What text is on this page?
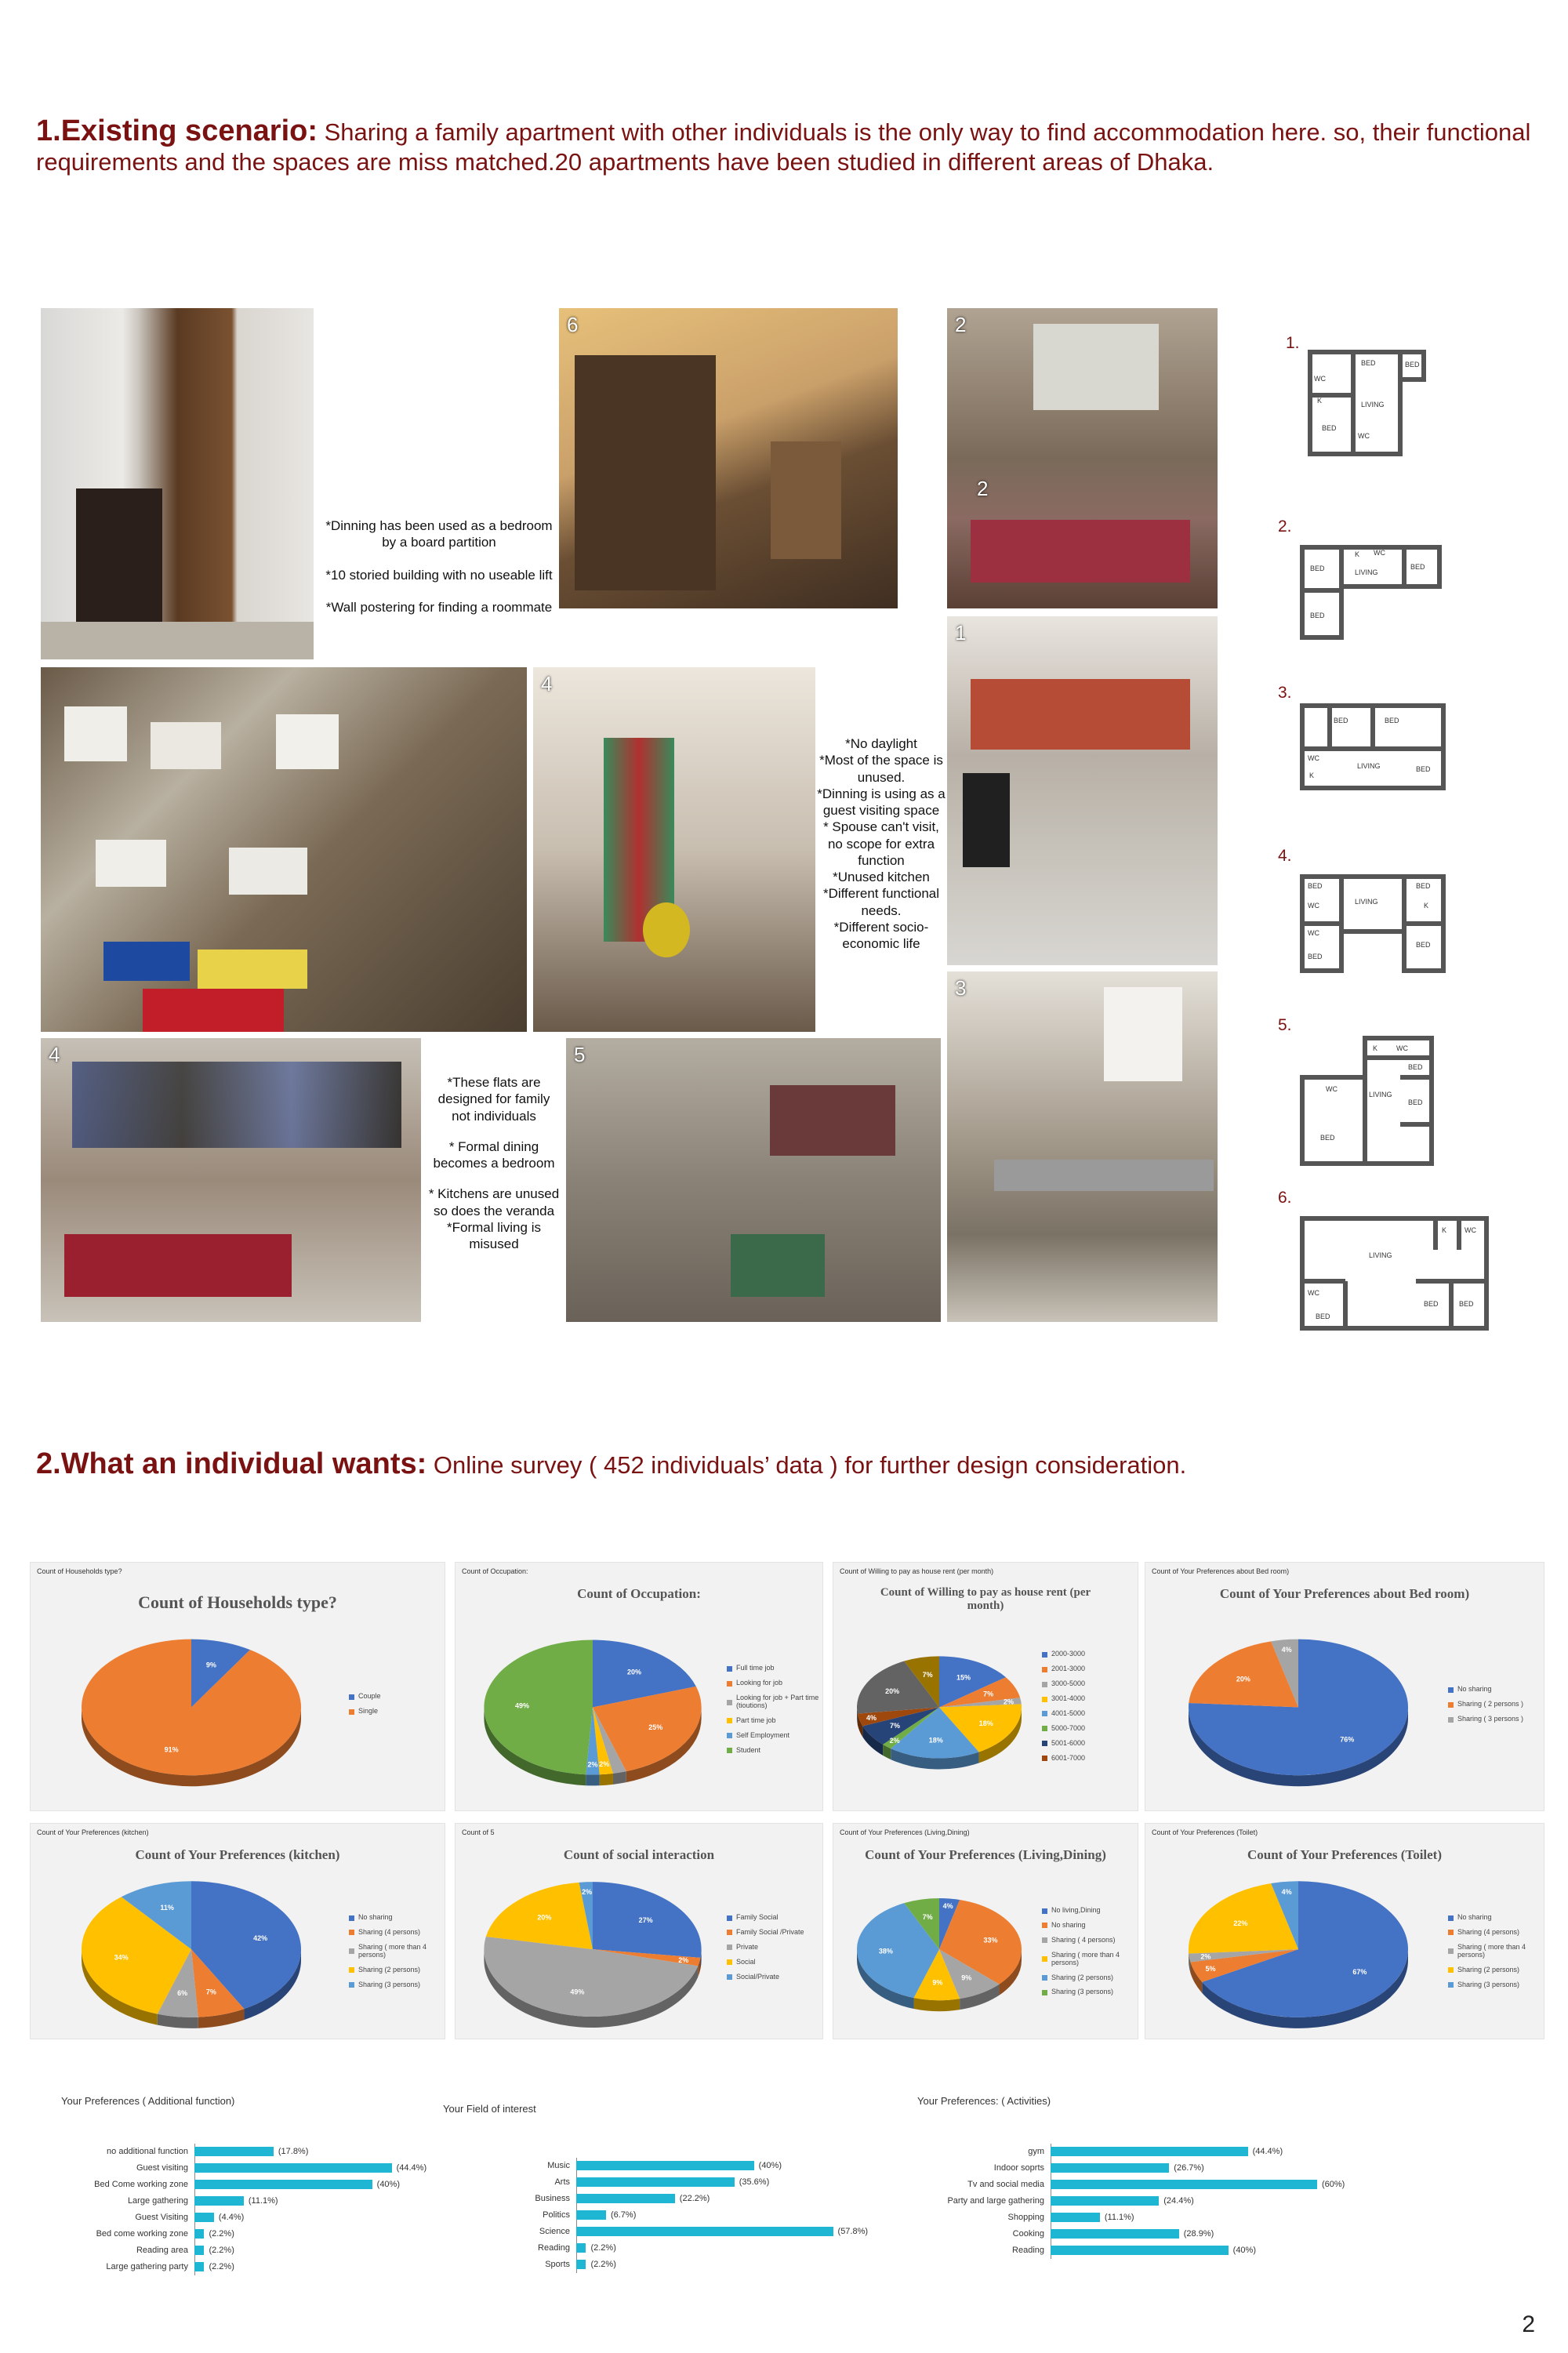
1.Existing scenario: Sharing a family apartment with other individuals is the only way to find accommodation here. so, their functional requirements and the spaces are miss matched.20 apartments have been studied in different areas of Dhaka.

*Dinning has been used as a bedroom by a board partition

*10 storied building with no useable lift

*Wall postering for finding a roommate

6	2
2
4

*No daylight

*Most of the space is unused.

*Dinning is using as a guest visiting space

* Spouse can't visit, no scope for extra function

*Unused kitchen

*Different functional needs.

*Different socio-economic life

1
4

*These flats are designed for family not individuals

* Formal dining becomes a bedroom

* Kitchens are unused so does the veranda *Formal living is misused

5
3
1.
WC
BED	BED
K	LIVING
BED
WC
2.
K WC
BED	LIVING
BED
BED
3.
BED	BED
WC
LIVING
K
BED
4.
BED	BED
LIVING
WC	K
WC
BED
BED
5.
K	WC
BED
WC
LIVING
BED
BED
6.
LIVING
K	WC
WC
BED
BED	BED
2.What an individual wants: Online survey ( 452 individuals’ data ) for further design consideration.
Count of Households type?
Count of Households type?
9%
91%
Couple
Single
Count of Occupation:
Count of Occupation:
20%
25%
2%
2%
49%
Full time job
Looking for job
Looking for job + Part time (tioutions)
Part time job
Self Employment
Student
Count of Willing to pay as house rent (per month)
Count of Willing to pay as house rent (per month)
15%
7%
2%
18%
18%
2%
7%
4%
20%
7%
2000-3000
2001-3000
3000-5000
3001-4000
4001-5000
5000-7000
5001-6000
6001-7000
Count of Your Preferences about Bed room)
Count of Your Preferences about Bed room)
76%
20%
4%
No sharing
Sharing ( 2 persons )
Sharing ( 3 persons )
Count of Your Preferences (kitchen)
Count of Your Preferences (kitchen)
42%
7%
6%
34%
11%
No sharing
Sharing (4 persons)
Sharing ( more than 4 persons)
Sharing (2 persons)
Sharing (3 persons)
Count of 5
Count of social interaction
27%
2%
49%
20%
2%
Family Social
Family Social /Private
Private
Social
Social/Private
Count of Your Preferences (Living,Dining)
Count of Your Preferences (Living,Dining)
4%
33%
9%
9%
38%
7%
No living,Dining
No sharing
Sharing ( 4 persons)
Sharing ( more than 4 persons)
Sharing (2 persons)
Sharing (3 persons)
Count of Your Preferences (Toilet)
Count of Your Preferences (Toilet)
67%
5%
2%
22%
4%
No sharing
Sharing (4 persons)
Sharing ( more than 4 persons)
Sharing (2 persons)
Sharing (3 persons)
Your Preferences ( Additional function)
no additional function	(17.8%)
Guest visiting	(44.4%)
Bed Come working zone	(40%)
Large gathering	(11.1%)
Guest Visiting	(4.4%)
Bed come working zone	(2.2%)
Reading area	(2.2%)
Large gathering party	(2.2%)
Your Field of interest
Music	(40%)
Arts	(35.6%)
Business	(22.2%)
Politics	(6.7%)
Science	(57.8%)
Reading	(2.2%)
Sports	(2.2%)
Your Preferences: ( Activities)
gym	(44.4%)
Indoor soprts	(26.7%)
Tv and social media	(60%)
Party and large gathering	(24.4%)
Shopping	(11.1%)
Cooking	(28.9%)
Reading	(40%)
2
